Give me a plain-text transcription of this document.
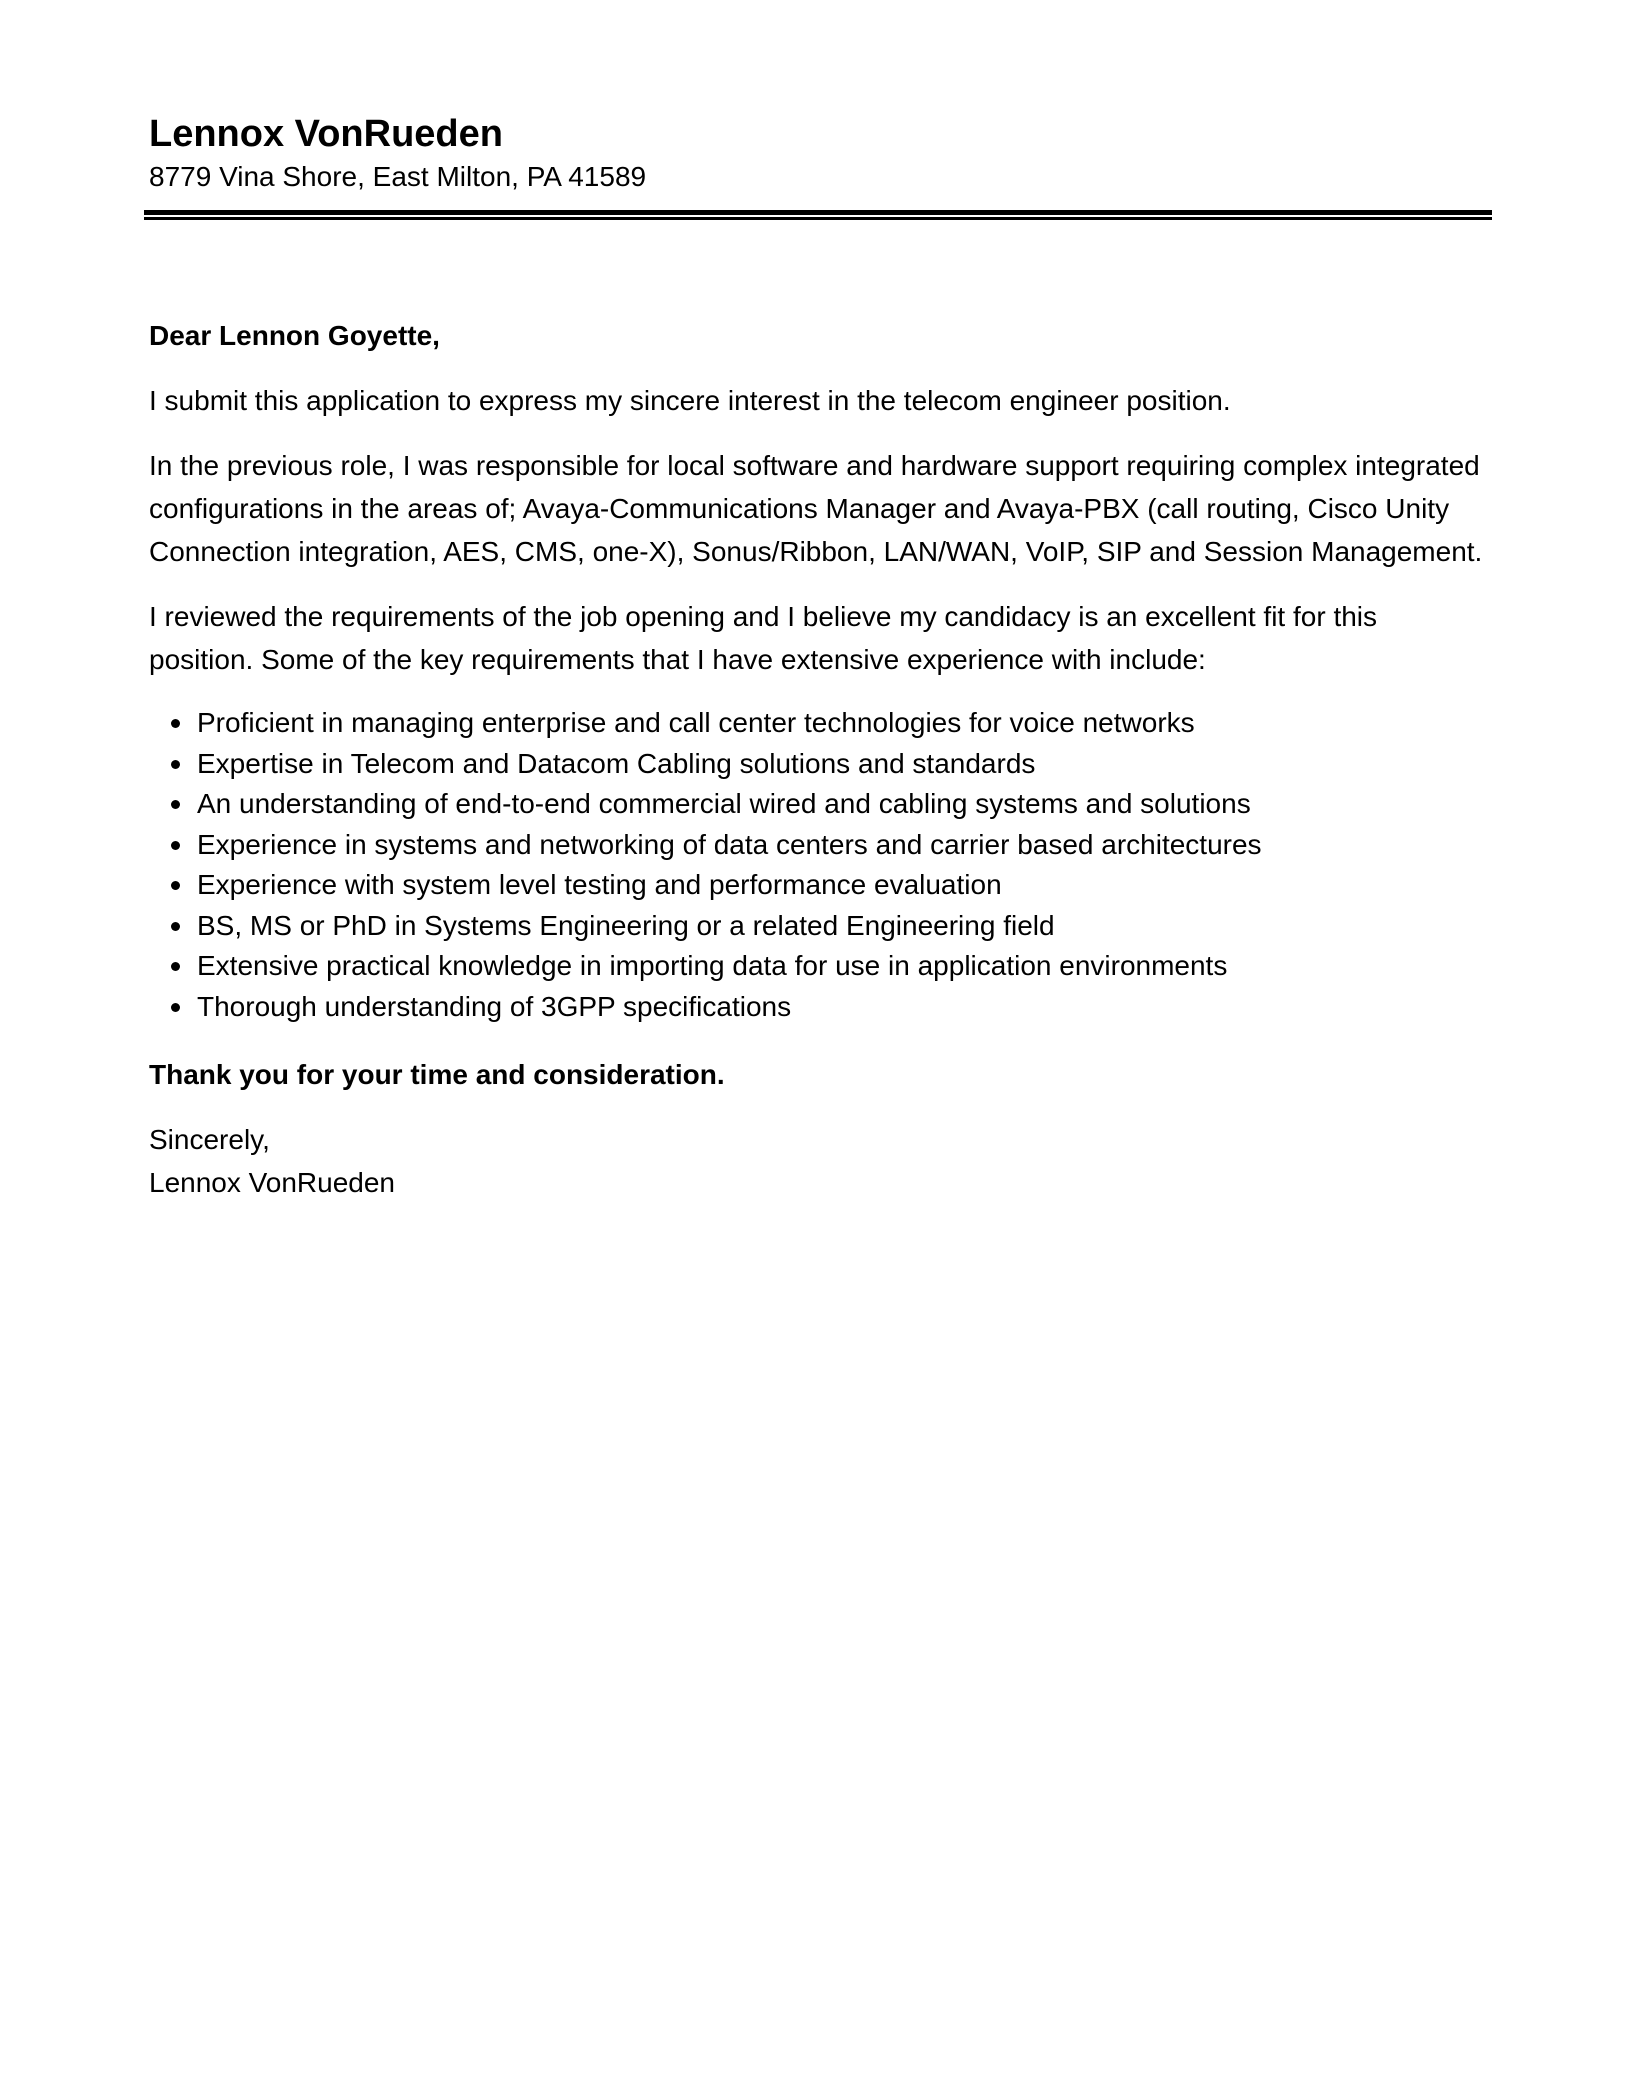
Lennox VonRueden

8779 Vina Shore, East Milton, PA 41589

Dear Lennon Goyette,

I submit this application to express my sincere interest in the telecom engineer position.

In the previous role, I was responsible for local software and hardware support requiring complex integrated configurations in the areas of; Avaya-Communications Manager and Avaya-PBX (call routing, Cisco Unity Connection integration, AES, CMS, one-X), Sonus/Ribbon, LAN/WAN, VoIP, SIP and Session Management.

I reviewed the requirements of the job opening and I believe my candidacy is an excellent fit for this position. Some of the key requirements that I have extensive experience with include:

Proficient in managing enterprise and call center technologies for voice networks
Expertise in Telecom and Datacom Cabling solutions and standards
An understanding of end-to-end commercial wired and cabling systems and solutions
Experience in systems and networking of data centers and carrier based architectures
Experience with system level testing and performance evaluation
BS, MS or PhD in Systems Engineering or a related Engineering field
Extensive practical knowledge in importing data for use in application environments
Thorough understanding of 3GPP specifications

Thank you for your time and consideration.

Sincerely,

Lennox VonRueden
